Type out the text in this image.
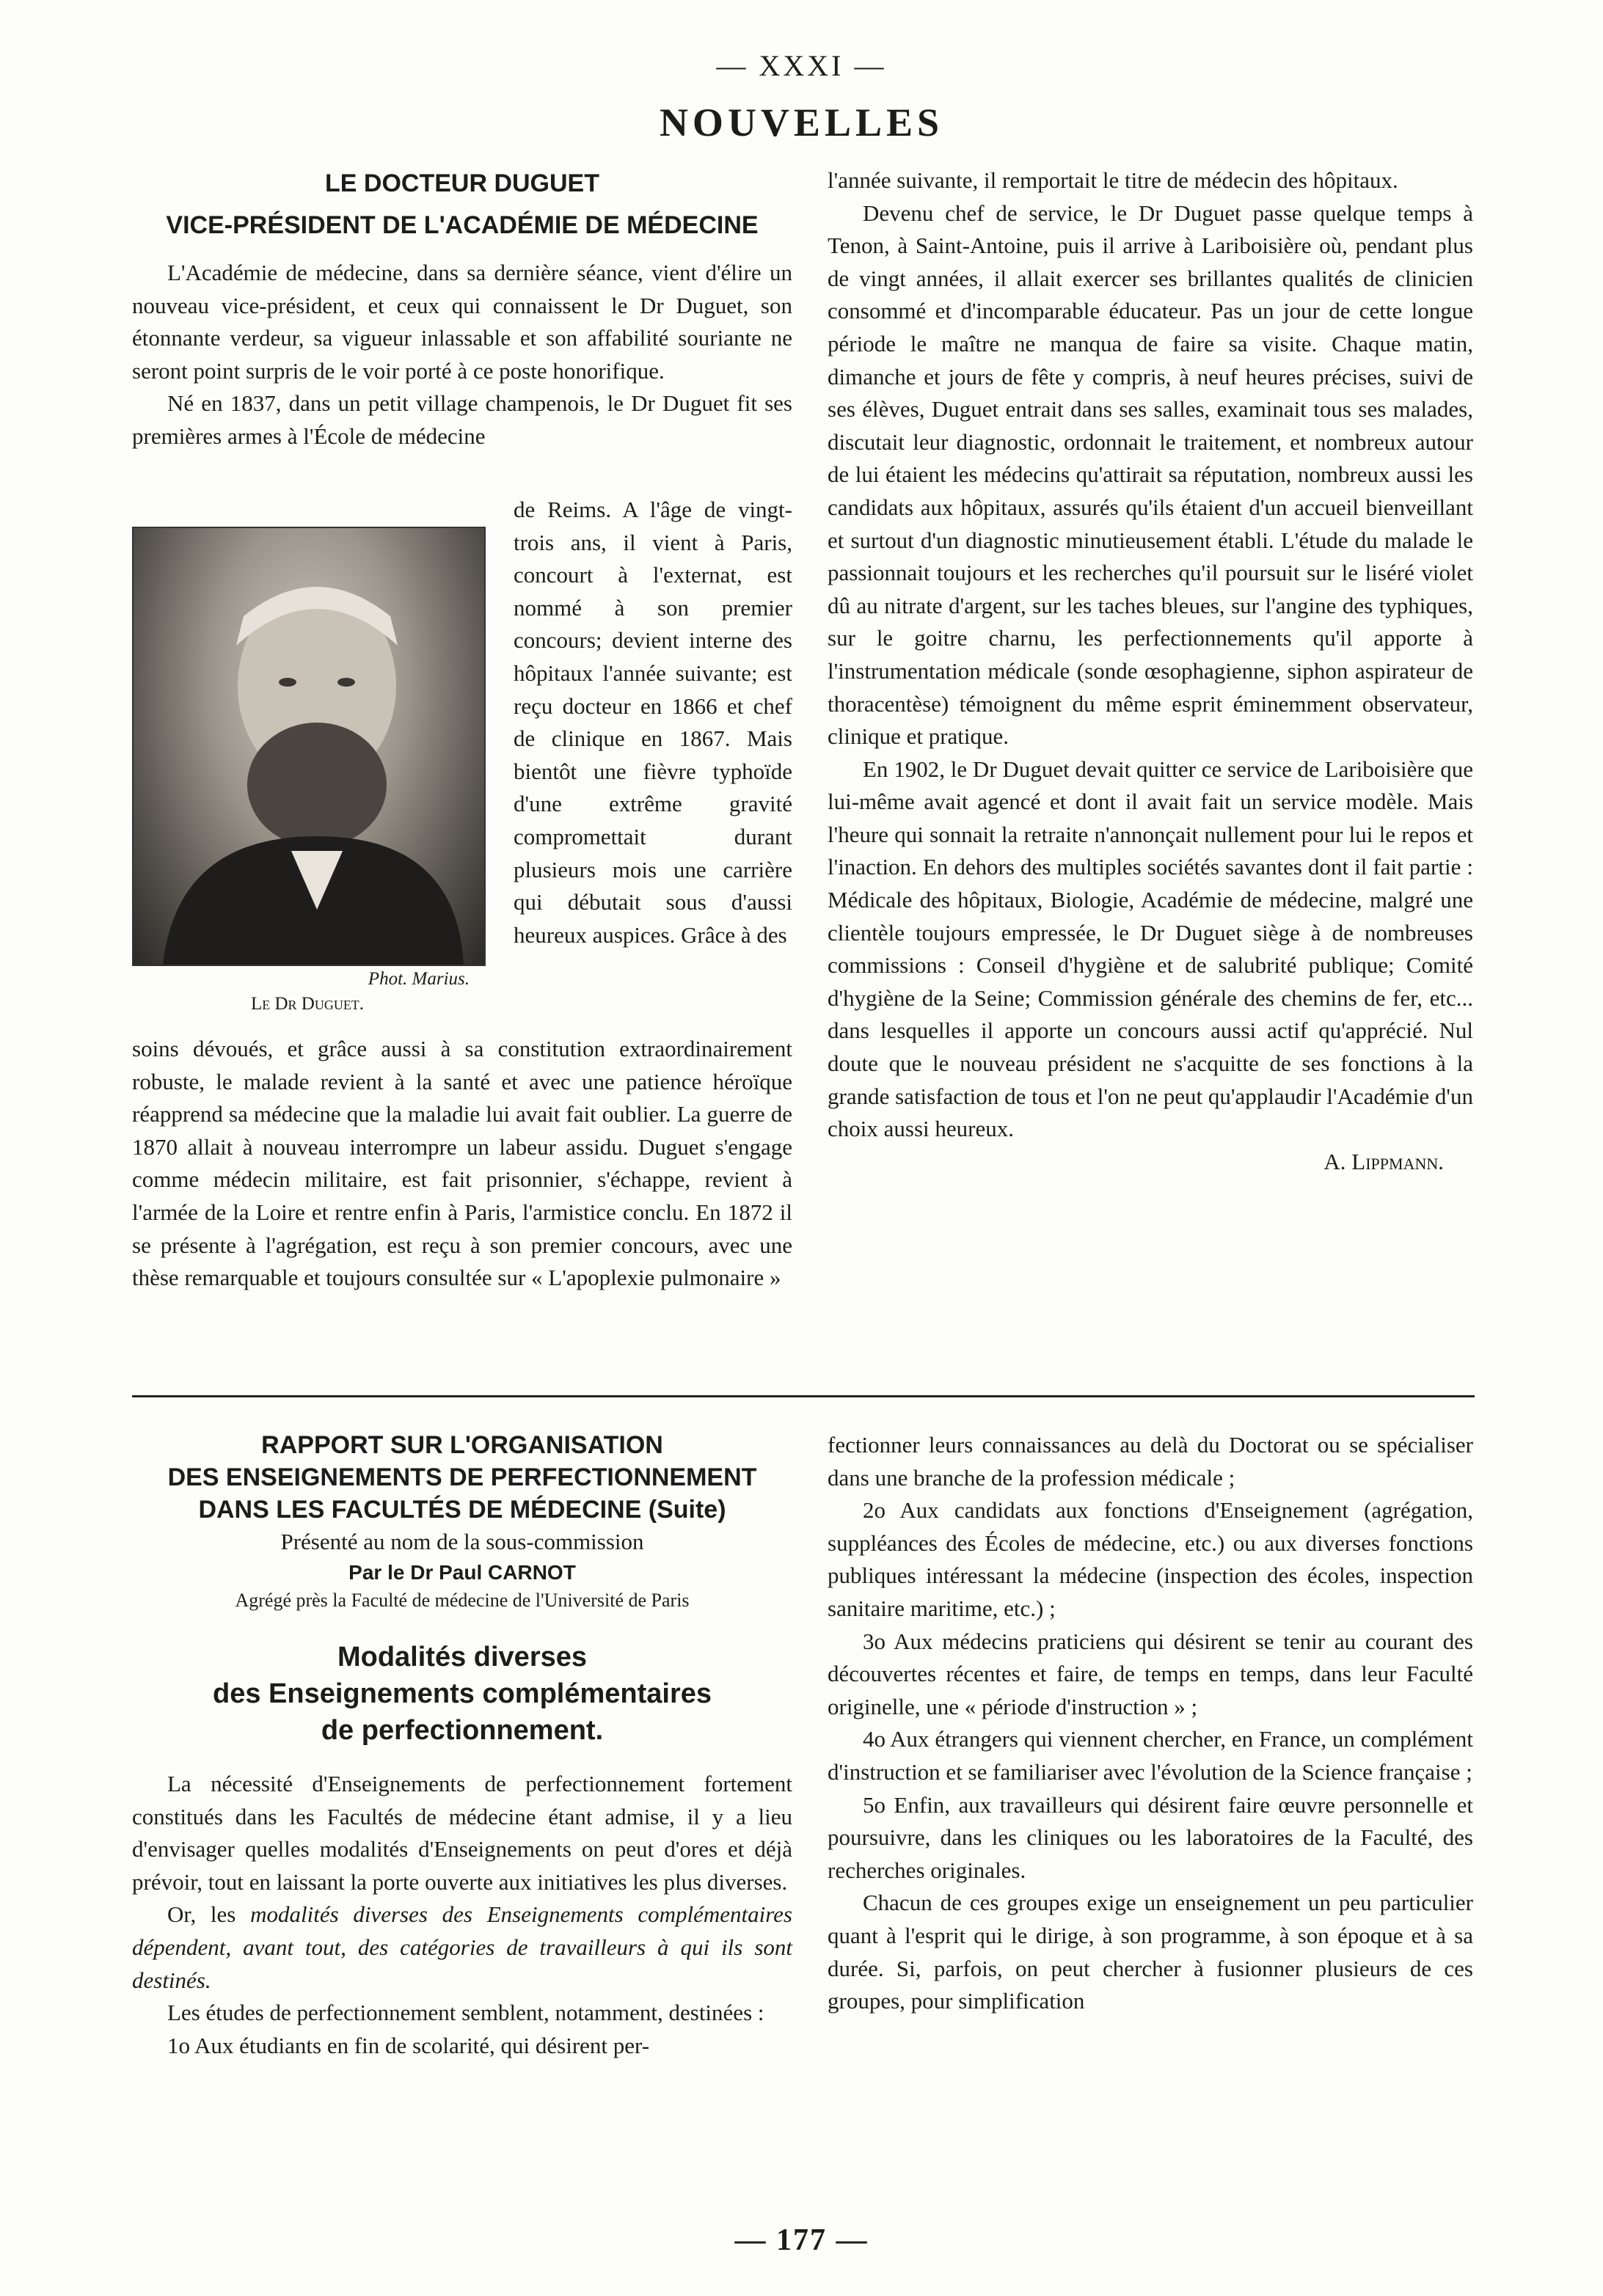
— XXXI —
NOUVELLES
LE DOCTEUR DUGUET
VICE-PRÉSIDENT DE L'ACADÉMIE DE MÉDECINE

L'Académie de médecine, dans sa dernière séance, vient d'élire un nouveau vice-président, et ceux qui connaissent le Dr Duguet, son étonnante verdeur, sa vigueur inlassable et son affabilité souriante ne seront point surpris de le voir porté à ce poste honorifique.

Né en 1837, dans un petit village champenois, le Dr Duguet fit ses premières armes à l'École de médecine

Phot. Marius.
Le Dr Duguet.
de Reims. A l'âge de vingt-trois ans, il vient à Paris, concourt à l'externat, est nommé à son premier concours; devient interne des hôpitaux l'année suivante; est reçu docteur en 1866 et chef de clinique en 1867. Mais bientôt une fièvre typhoïde d'une extrême gravité compromettait durant plusieurs mois une carrière qui débutait sous d'aussi heureux auspices. Grâce à des
soins dévoués, et grâce aussi à sa constitution extraordinairement robuste, le malade revient à la santé et avec une patience héroïque réapprend sa médecine que la maladie lui avait fait oublier. La guerre de 1870 allait à nouveau interrompre un labeur assidu. Duguet s'engage comme médecin militaire, est fait prisonnier, s'échappe, revient à l'armée de la Loire et rentre enfin à Paris, l'armistice conclu. En 1872 il se présente à l'agrégation, est reçu à son premier concours, avec une thèse remarquable et toujours consultée sur « L'apoplexie pulmonaire »

l'année suivante, il remportait le titre de médecin des hôpitaux.

Devenu chef de service, le Dr Duguet passe quelque temps à Tenon, à Saint-Antoine, puis il arrive à Lariboisière où, pendant plus de vingt années, il allait exercer ses brillantes qualités de clinicien consommé et d'incomparable éducateur. Pas un jour de cette longue période le maître ne manqua de faire sa visite. Chaque matin, dimanche et jours de fête y compris, à neuf heures précises, suivi de ses élèves, Duguet entrait dans ses salles, examinait tous ses malades, discutait leur diagnostic, ordonnait le traitement, et nombreux autour de lui étaient les médecins qu'attirait sa réputation, nombreux aussi les candidats aux hôpitaux, assurés qu'ils étaient d'un accueil bienveillant et surtout d'un diagnostic minutieusement établi. L'étude du malade le passionnait toujours et les recherches qu'il poursuit sur le liséré violet dû au nitrate d'argent, sur les taches bleues, sur l'angine des typhiques, sur le goitre charnu, les perfectionnements qu'il apporte à l'instrumentation médicale (sonde œsophagienne, siphon aspirateur de thoracentèse) témoignent du même esprit éminemment observateur, clinique et pratique.

En 1902, le Dr Duguet devait quitter ce service de Lariboisière que lui-même avait agencé et dont il avait fait un service modèle. Mais l'heure qui sonnait la retraite n'annonçait nullement pour lui le repos et l'inaction. En dehors des multiples sociétés savantes dont il fait partie : Médicale des hôpitaux, Biologie, Académie de médecine, malgré une clientèle toujours empressée, le Dr Duguet siège à de nombreuses commissions : Conseil d'hygiène et de salubrité publique; Comité d'hygiène de la Seine; Commission générale des chemins de fer, etc... dans lesquelles il apporte un concours aussi actif qu'apprécié. Nul doute que le nouveau président ne s'acquitte de ses fonctions à la grande satisfaction de tous et l'on ne peut qu'applaudir l'Académie d'un choix aussi heureux.

A. Lippmann.

RAPPORT SUR L'ORGANISATION
DES ENSEIGNEMENTS DE PERFECTIONNEMENT
DANS LES FACULTÉS DE MÉDECINE (Suite)
Présenté au nom de la sous-commission
Par le Dr Paul CARNOT
Agrégé près la Faculté de médecine de l'Université de Paris
Modalités diverses
des Enseignements complémentaires
de perfectionnement.

La nécessité d'Enseignements de perfectionnement fortement constitués dans les Facultés de médecine étant admise, il y a lieu d'envisager quelles modalités d'Enseignements on peut d'ores et déjà prévoir, tout en laissant la porte ouverte aux initiatives les plus diverses.

Or, les modalités diverses des Enseignements complémentaires dépendent, avant tout, des catégories de travailleurs à qui ils sont destinés.

Les études de perfectionnement semblent, notamment, destinées :

1o Aux étudiants en fin de scolarité, qui désirent per-

fectionner leurs connaissances au delà du Doctorat ou se spécialiser dans une branche de la profession médicale ;

2o Aux candidats aux fonctions d'Enseignement (agrégation, suppléances des Écoles de médecine, etc.) ou aux diverses fonctions publiques intéressant la médecine (inspection des écoles, inspection sanitaire maritime, etc.) ;

3o Aux médecins praticiens qui désirent se tenir au courant des découvertes récentes et faire, de temps en temps, dans leur Faculté originelle, une « période d'instruction » ;

4o Aux étrangers qui viennent chercher, en France, un complément d'instruction et se familiariser avec l'évolution de la Science française ;

5o Enfin, aux travailleurs qui désirent faire œuvre personnelle et poursuivre, dans les cliniques ou les laboratoires de la Faculté, des recherches originales.

Chacun de ces groupes exige un enseignement un peu particulier quant à l'esprit qui le dirige, à son programme, à son époque et à sa durée. Si, parfois, on peut chercher à fusionner plusieurs de ces groupes, pour simplification

— 177 —
